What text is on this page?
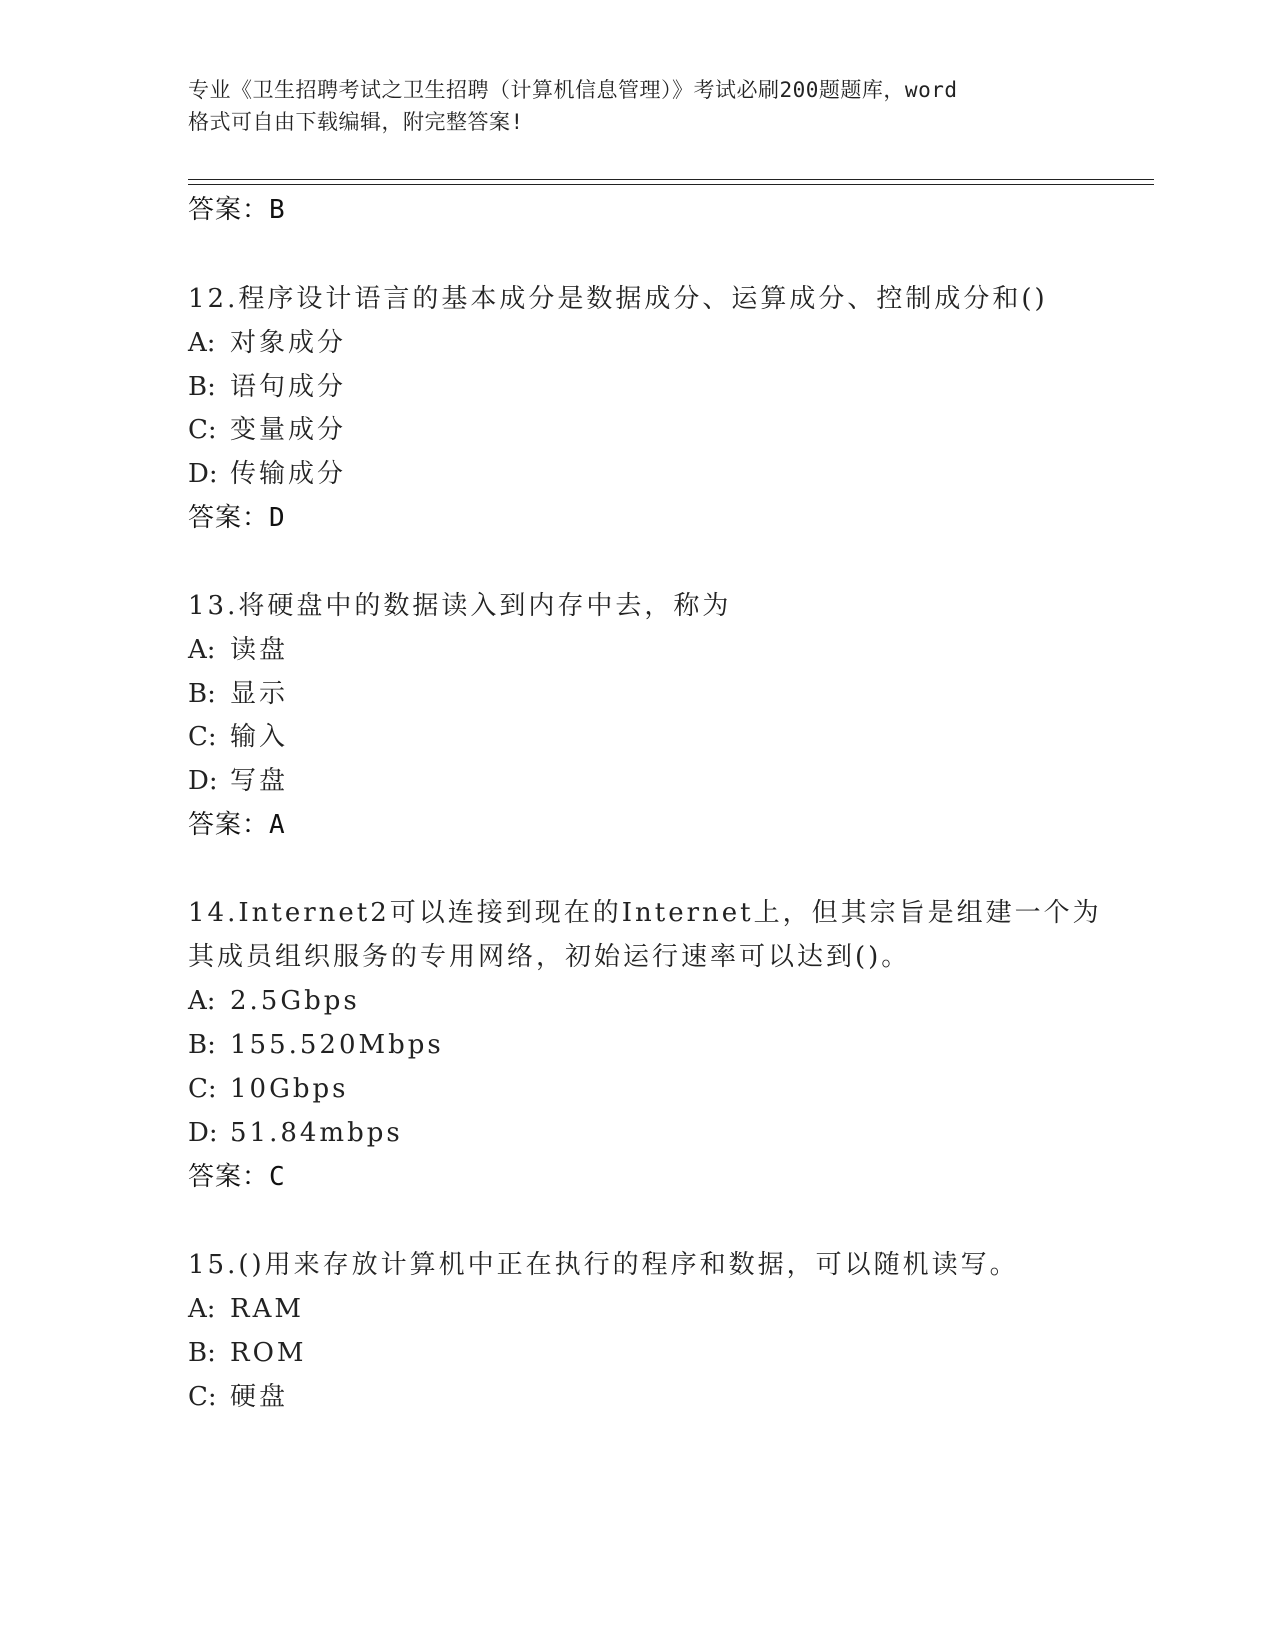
专业《卫生招聘考试之卫生招聘（计算机信息管理）》考试必刷200题题库，word
格式可自由下载编辑，附完整答案!
答案：B
12.程序设计语言的基本成分是数据成分、运算成分、控制成分和()
A: 对象成分
B: 语句成分
C: 变量成分
D: 传输成分
答案：D
13.将硬盘中的数据读入到内存中去，称为
A: 读盘
B: 显示
C: 输入
D: 写盘
答案：A
14.Internet2可以连接到现在的Internet上，但其宗旨是组建一个为
其成员组织服务的专用网络，初始运行速率可以达到()。
A: 2.5Gbps
B: 155.520Mbps
C: 10Gbps
D: 51.84mbps
答案：C
15.()用来存放计算机中正在执行的程序和数据，可以随机读写。
A: RAM
B: ROM
C: 硬盘
